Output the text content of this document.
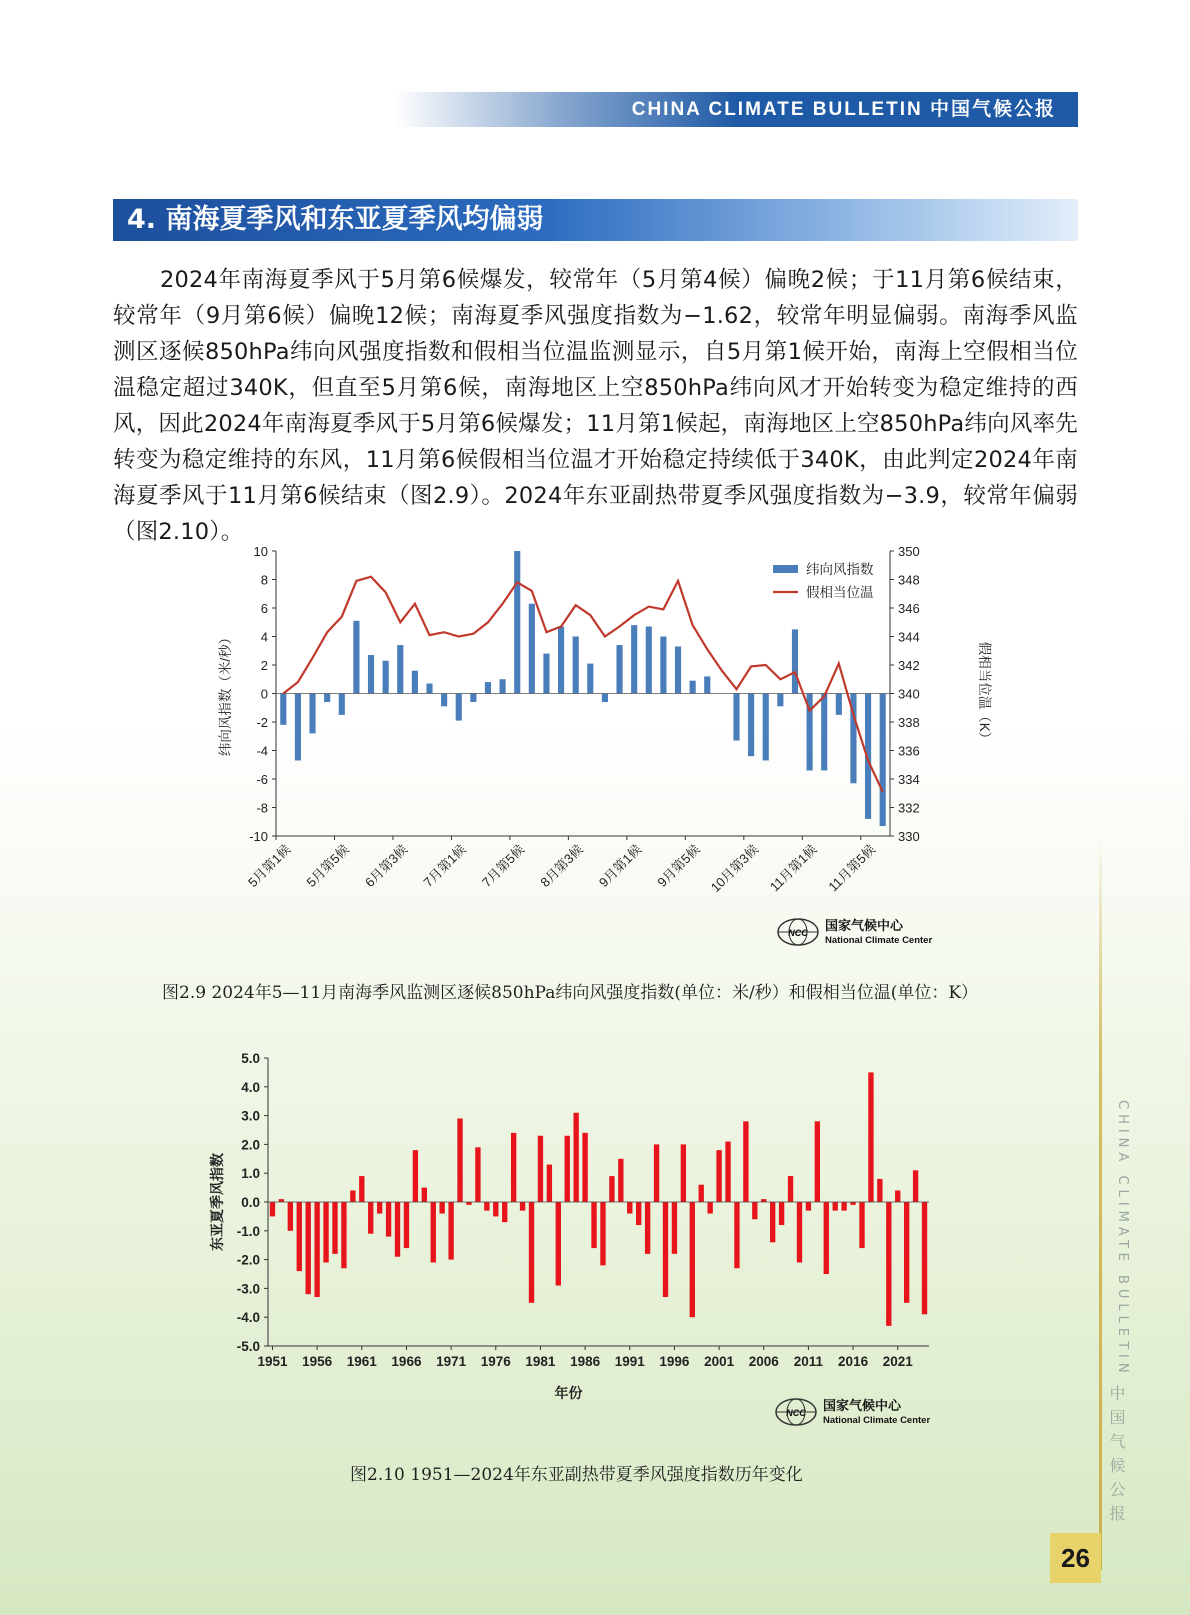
CHINA CLIMATE BULLETIN 中国气候公报
4. 南海夏季风和东亚夏季风均偏弱
2024年南海夏季风于5月第6候爆发，较常年（5月第4候）偏晚2候；于11月第6候结束，较常年（9月第6候）偏晚12候；南海夏季风强度指数为−1.62，较常年明显偏弱。南海季风监测区逐候850hPa纬向风强度指数和假相当位温监测显示，自5月第1候开始，南海上空假相当位温稳定超过340K，但直至5月第6候，南海地区上空850hPa纬向风才开始转变为稳定维持的西风，因此2024年南海夏季风于5月第6候爆发；11月第1候起，南海地区上空850hPa纬向风率先转变为稳定维持的东风，11月第6候假相当位温才开始稳定持续低于340K，由此判定2024年南海夏季风于11月第6候结束（图2.9）。2024年东亚副热带夏季风强度指数为−3.9，较常年偏弱（图2.10）。
10
8
6
4
2
0
-2
-4
-6
-8
-10
350
348
346
344
342
340
338
336
334
332
330
5月第1候 5月第5候 6月第3候 7月第1候 7月第5候 8月第3候 9月第1候 9月第5候 10月第3候 11月第1候 11月第5候
纬向风指数（米/秒）	假相当位温（K）
纬向风指数
假相当位温
NCC 国家气候中心
National Climate Center
5.0
4.0
3.0
2.0
1.0
0.0
-1.0
-2.0
-3.0
-4.0
-5.0
1951 1956 1961 1966 1971 1976 1981 1986 1991 1996 2001 2006 2011 2016 2021
东亚夏季风指数
年份
NCC 国家气候中心
National Climate Center
图2.9 2024年5—11月南海季风监测区逐候850hPa纬向风强度指数(单位：米/秒）和假相当位温(单位：K）
图2.10 1951—2024年东亚副热带夏季风强度指数历年变化
CHINA CLIMATE BULLETIN
中国气候公报
26
